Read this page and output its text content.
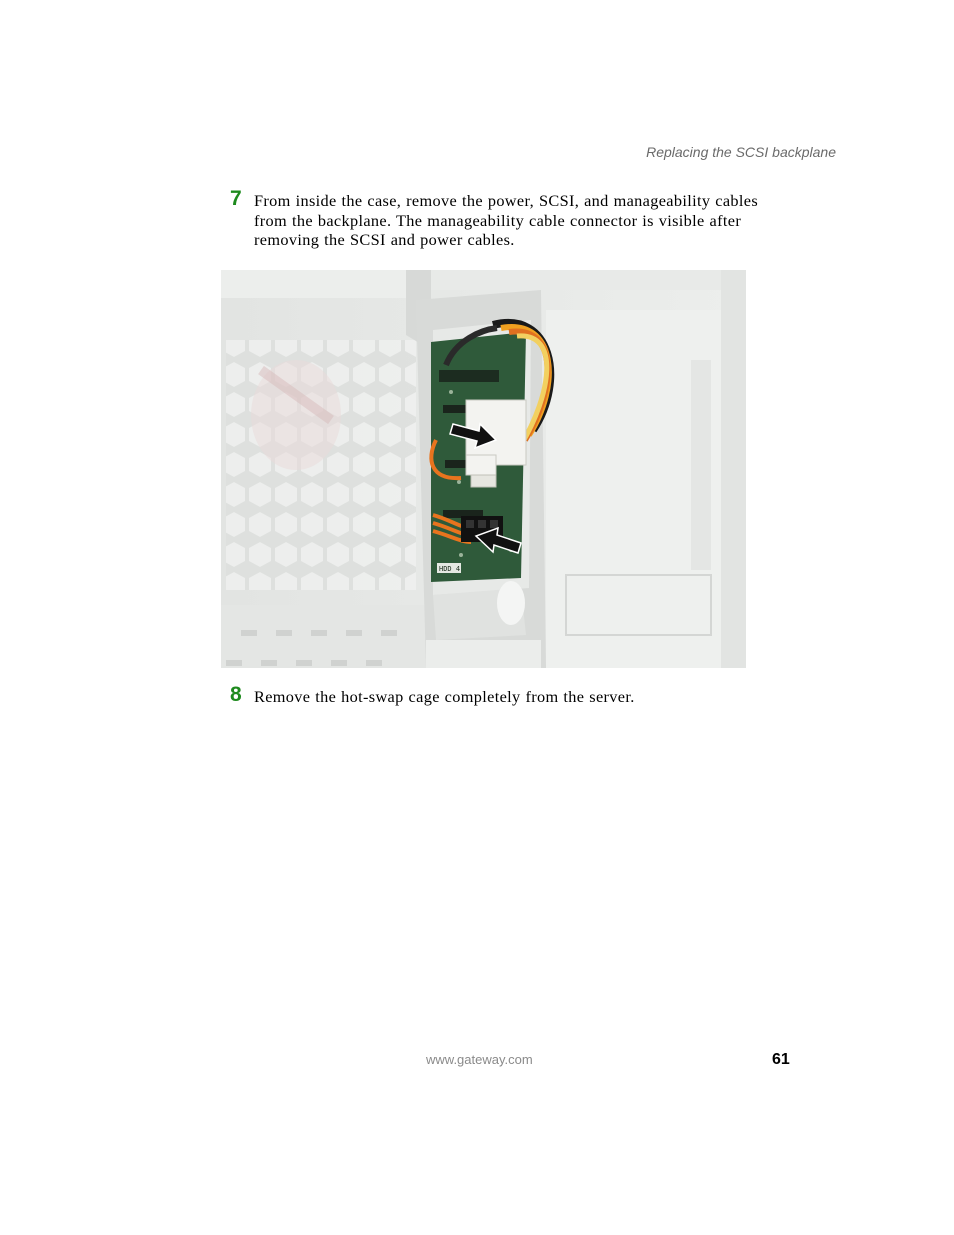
Replacing the SCSI backplane
7 From inside the case, remove the power, SCSI, and manageability cables from the backplane. The manageability cable connector is visible after removing the SCSI and power cables.
HDD 4
8 Remove the hot-swap cage completely from the server.
www.gateway.com	61
